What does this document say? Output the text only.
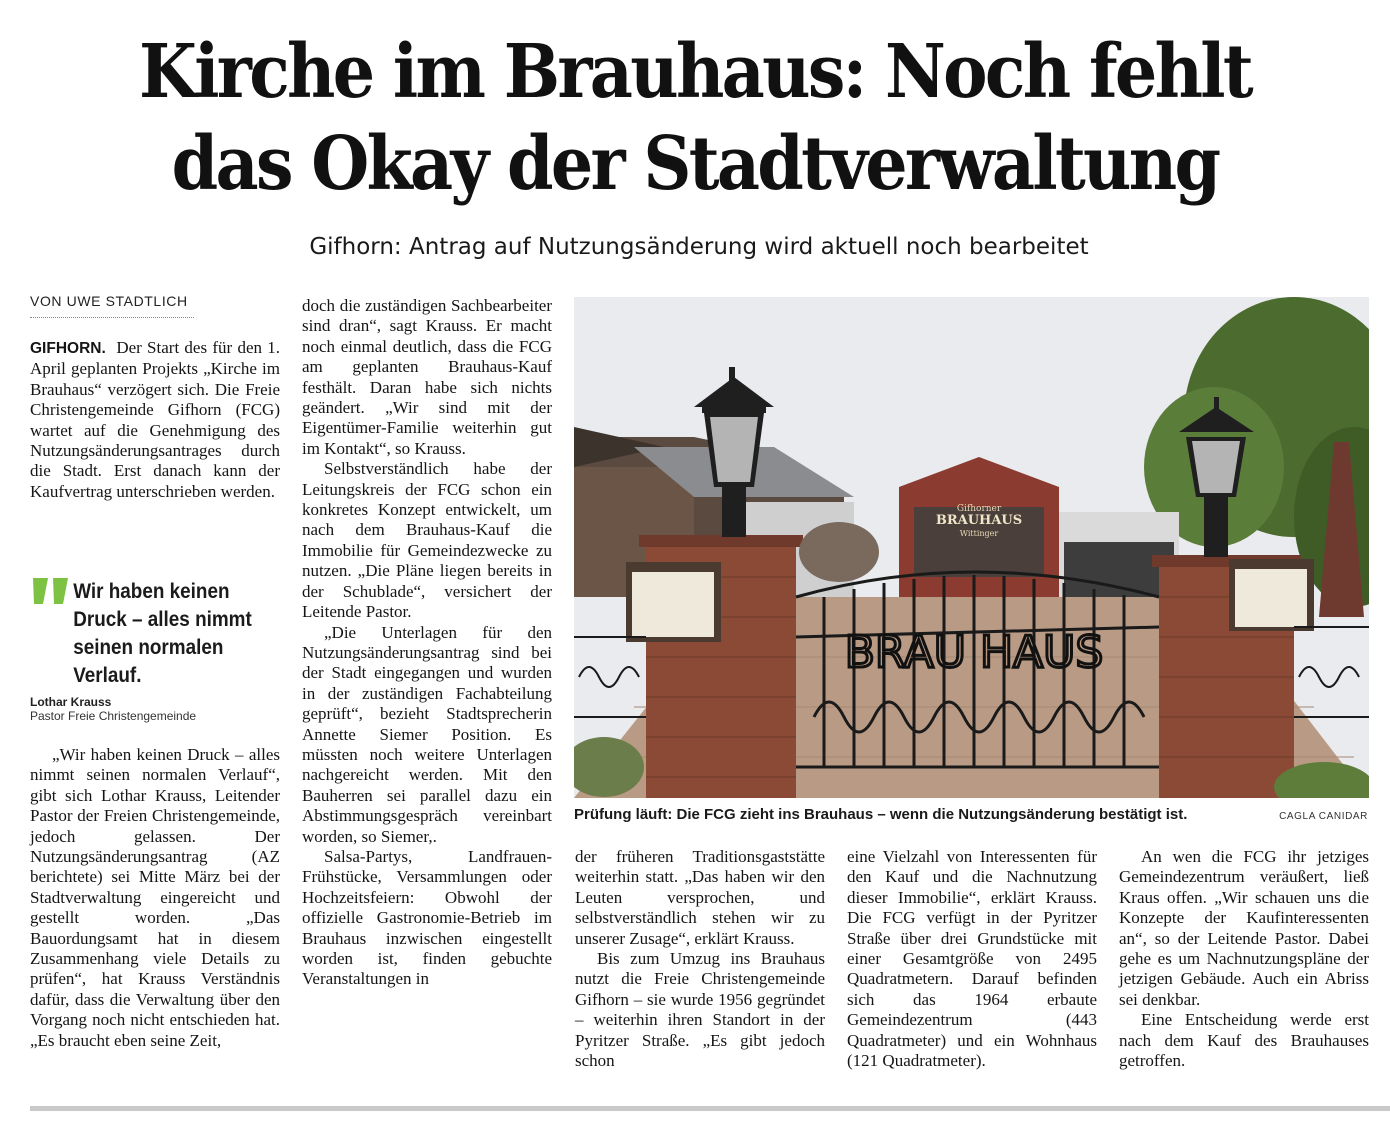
Kirche im Brauhaus: Noch fehlt
das Okay der Stadtverwaltung

Gifhorn: Antrag auf Nutzungsänderung wird aktuell noch bearbeitet

VON UWE STADTLICH

GIFHORN. Der Start des für den 1. April geplanten Projekts „Kirche im Brauhaus“ verzögert sich. Die Freie Christengemeinde Gifhorn (FCG) wartet auf die Genehmigung des Nutzungsänderungsantrages durch die Stadt. Erst danach kann der Kaufvertrag unterschrieben werden.

Wir haben keinen Druck – alles nimmt seinen normalen Verlauf.
Lothar Krauss
Pastor Freie Christengemeinde

„Wir haben keinen Druck – alles nimmt seinen normalen Verlauf“, gibt sich Lothar Krauss, Leitender Pastor der Freien Christengemeinde, jedoch gelassen. Der Nutzungsänderungsantrag (AZ berichtete) sei Mitte März bei der Stadtverwaltung eingereicht und gestellt worden. „Das Bauordungsamt hat in diesem Zusammenhang viele Details zu prüfen“, hat Krauss Verständnis dafür, dass die Verwaltung über den Vorgang noch nicht entschieden hat. „Es braucht eben seine Zeit,

doch die zuständigen Sachbearbeiter sind dran“, sagt Krauss. Er macht noch einmal deutlich, dass die FCG am geplanten Brauhaus-Kauf festhält. Daran habe sich nichts geändert. „Wir sind mit der Eigentümer-Familie weiterhin gut im Kontakt“, so Krauss.

Selbstverständlich habe der Leitungskreis der FCG schon ein konkretes Konzept entwickelt, um nach dem Brauhaus-Kauf die Immobilie für Gemeindezwecke zu nutzen. „Die Pläne liegen bereits in der Schublade“, versichert der Leitende Pastor.

„Die Unterlagen für den Nutzungsänderungsantrag sind bei der Stadt eingegangen und wurden in der zuständigen Fachabteilung geprüft“, bezieht Stadtsprecherin Annette Siemer Position. Es müssten noch weitere Unterlagen nachgereicht werden. Mit den Bauherren sei parallel dazu ein Abstimmungsgespräch vereinbart worden, so Siemer,.

Salsa-Partys, Landfrauen-Frühstücke, Versammlungen oder Hochzeitsfeiern: Obwohl der offizielle Gastronomie-Betrieb im Brauhaus inzwischen eingestellt worden ist, finden gebuchte Veranstaltungen in

Gifhorner
BRAUHAUS
Wittinger
BRAU HAUS
Prüfung läuft: Die FCG zieht ins Brauhaus – wenn die Nutzungsänderung bestätigt ist.	CAGLA CANIDAR

der früheren Traditionsgaststätte weiterhin statt. „Das haben wir den Leuten versprochen, und selbstverständlich stehen wir zu unserer Zusage“, erklärt Krauss.

Bis zum Umzug ins Brauhaus nutzt die Freie Christengemeinde Gifhorn – sie wurde 1956 gegründet – weiterhin ihren Standort in der Pyritzer Straße. „Es gibt jedoch schon

eine Vielzahl von Interessenten für den Kauf und die Nachnutzung dieser Immobilie“, erklärt Krauss. Die FCG verfügt in der Pyritzer Straße über drei Grundstücke mit einer Gesamtgröße von 2495 Quadratmetern. Darauf befinden sich das 1964 erbaute Gemeindezentrum (443 Quadratmeter) und ein Wohnhaus (121 Quadratmeter).

An wen die FCG ihr jetziges Gemeindezentrum veräußert, ließ Kraus offen. „Wir schauen uns die Konzepte der Kaufinteressenten an“, so der Leitende Pastor. Dabei gehe es um Nachnutzungspläne der jetzigen Gebäude. Auch ein Abriss sei denkbar.

Eine Entscheidung werde erst nach dem Kauf des Brauhauses getroffen.
